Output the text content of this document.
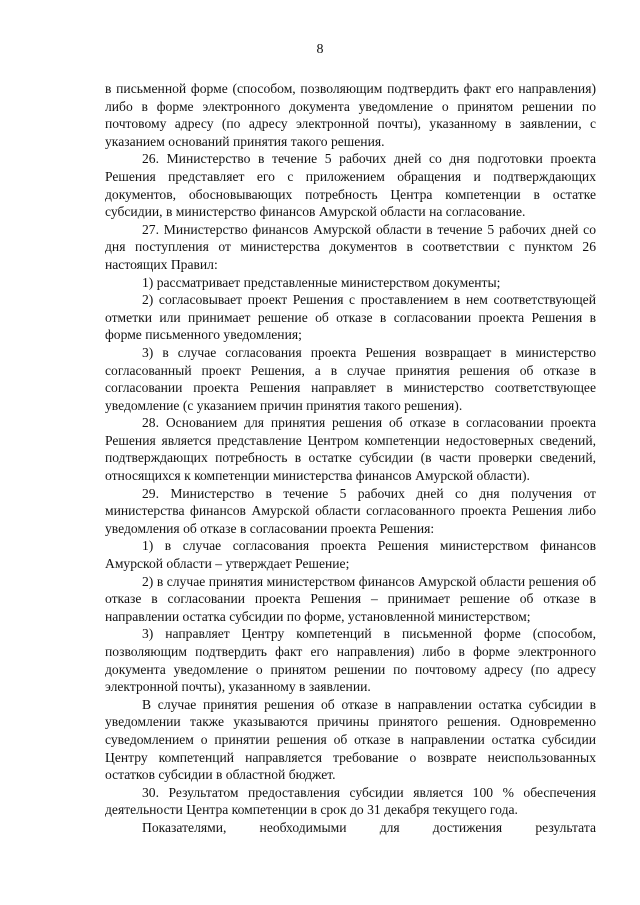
8

в письменной форме (способом, позволяющим подтвердить факт его направления) либо в форме электронного документа уведомление о принятом решении по почтовому адресу (по адресу электронной почты), указанному в заявлении, с указанием оснований принятия такого решения.

26. Министерство в течение 5 рабочих дней со дня подготовки проекта Решения представляет его с приложением обращения и подтверждающих документов, обосновывающих потребность Центра компетенции в остатке субсидии, в министерство финансов Амурской области на согласование.

27. Министерство финансов Амурской области в течение 5 рабочих дней со дня поступления от министерства документов в соответствии с пунктом 26 настоящих Правил:

1) рассматривает представленные министерством документы;

2) согласовывает проект Решения с проставлением в нем соответствующей отметки или принимает решение об отказе в согласовании проекта Решения в форме письменного уведомления;

3) в случае согласования проекта Решения возвращает в министерство согласованный проект Решения, а в случае принятия решения об отказе в согласовании проекта Решения направляет в министерство соответствующее уведомление (с указанием причин принятия такого решения).

28. Основанием для принятия решения об отказе в согласовании проекта Решения является представление Центром компетенции недостоверных сведений, подтверждающих потребность в остатке субсидии (в части проверки сведений, относящихся к компетенции министерства финансов Амурской области).

29. Министерство в течение 5 рабочих дней со дня получения от министерства финансов Амурской области согласованного проекта Решения либо уведомления об отказе в согласовании проекта Решения:

1) в случае согласования проекта Решения министерством финансов Амурской области – утверждает Решение;

2) в случае принятия министерством финансов Амурской области решения об отказе в согласовании проекта Решения – принимает решение об отказе в направлении остатка субсидии по форме, установленной министерством;

3) направляет Центру компетенций в письменной форме (способом, позволяющим подтвердить факт его направления) либо в форме электронного документа уведомление о принятом решении по почтовому адресу (по адресу электронной почты), указанному в заявлении.

В случае принятия решения об отказе в направлении остатка субсидии в уведомлении также указываются причины принятого решения. Одновременно суведомлением о принятии решения об отказе в направлении остатка субсидии Центру компетенций направляется требование о возврате неиспользованных остатков субсидии в областной бюджет.

30. Результатом предоставления субсидии является 100 % обеспечения деятельности Центра компетенции в срок до 31 декабря текущего года.

Показателями, необходимыми для достижения результата
